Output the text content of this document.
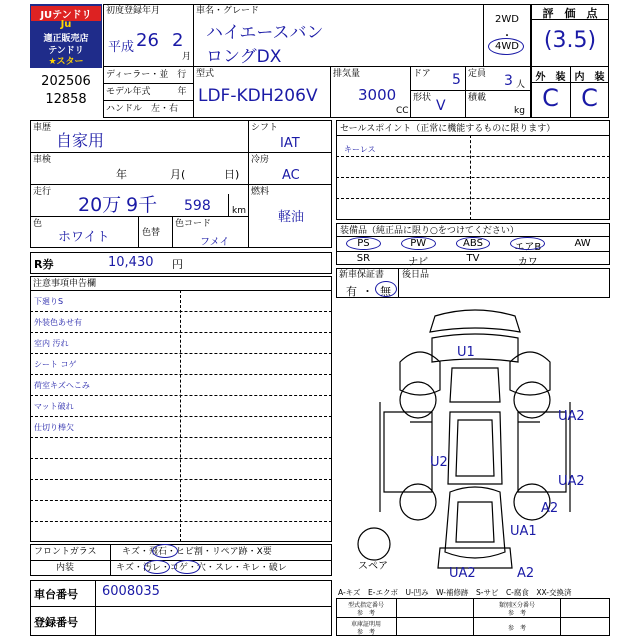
JUテンドリ
Ju
適正販売店
テンドリ
★スター
202506
12858
初度登録年月
平成 26 2
月
車名・グレード
ハイエースバン
ロングDX
2WD
・
4WD
ディーラー・並　行
モデル年式　　　年
ハンドル　左・右
型式
LDF-KDH206V
排気量
3000
CC
ドア 5 定員 3 人
形状 V 積載
kg
評　価　点
(3.5)
外　装 内　装
C C
車歴
自家用
車検
年	月(	日)
走行
20万 9千 598 km
色
ホワイト	色替
色コード
フメイ
シフト
IAT
冷房
AC
燃料
軽油
R券	10,430 円
注意事項申告欄
下廻りS
外装色あせ有
室内 汚れ
シート コゲ
荷室キズへこみ
マット破れ
仕切り棒欠
フロントガラス	キズ・飛石・ヒビ割・リペア跡・X要
内装	キズ・汚レ・コゲ・穴・スレ・キレ・破レ
車台番号 6008035
登録番号
セールスポイント（正常に機能するものに限ります）
キーレス
装備品（純正品に限り○をつけてください）
PS	PW	ABS	エアB	AW
SR	ナビ	TV	カワ
新車保証書
有 ・ 無
後日品
U1
UA2
U2
UA2
A2
UA1
UA2	A2
スペア
A-キズ　E-エクボ　U-凹み　W-補修跡　S-サビ　C-腐食　XX-交換済
型式指定番号
参　考
類別区分番号
参　考
車庫証明用
参　考
参　考
